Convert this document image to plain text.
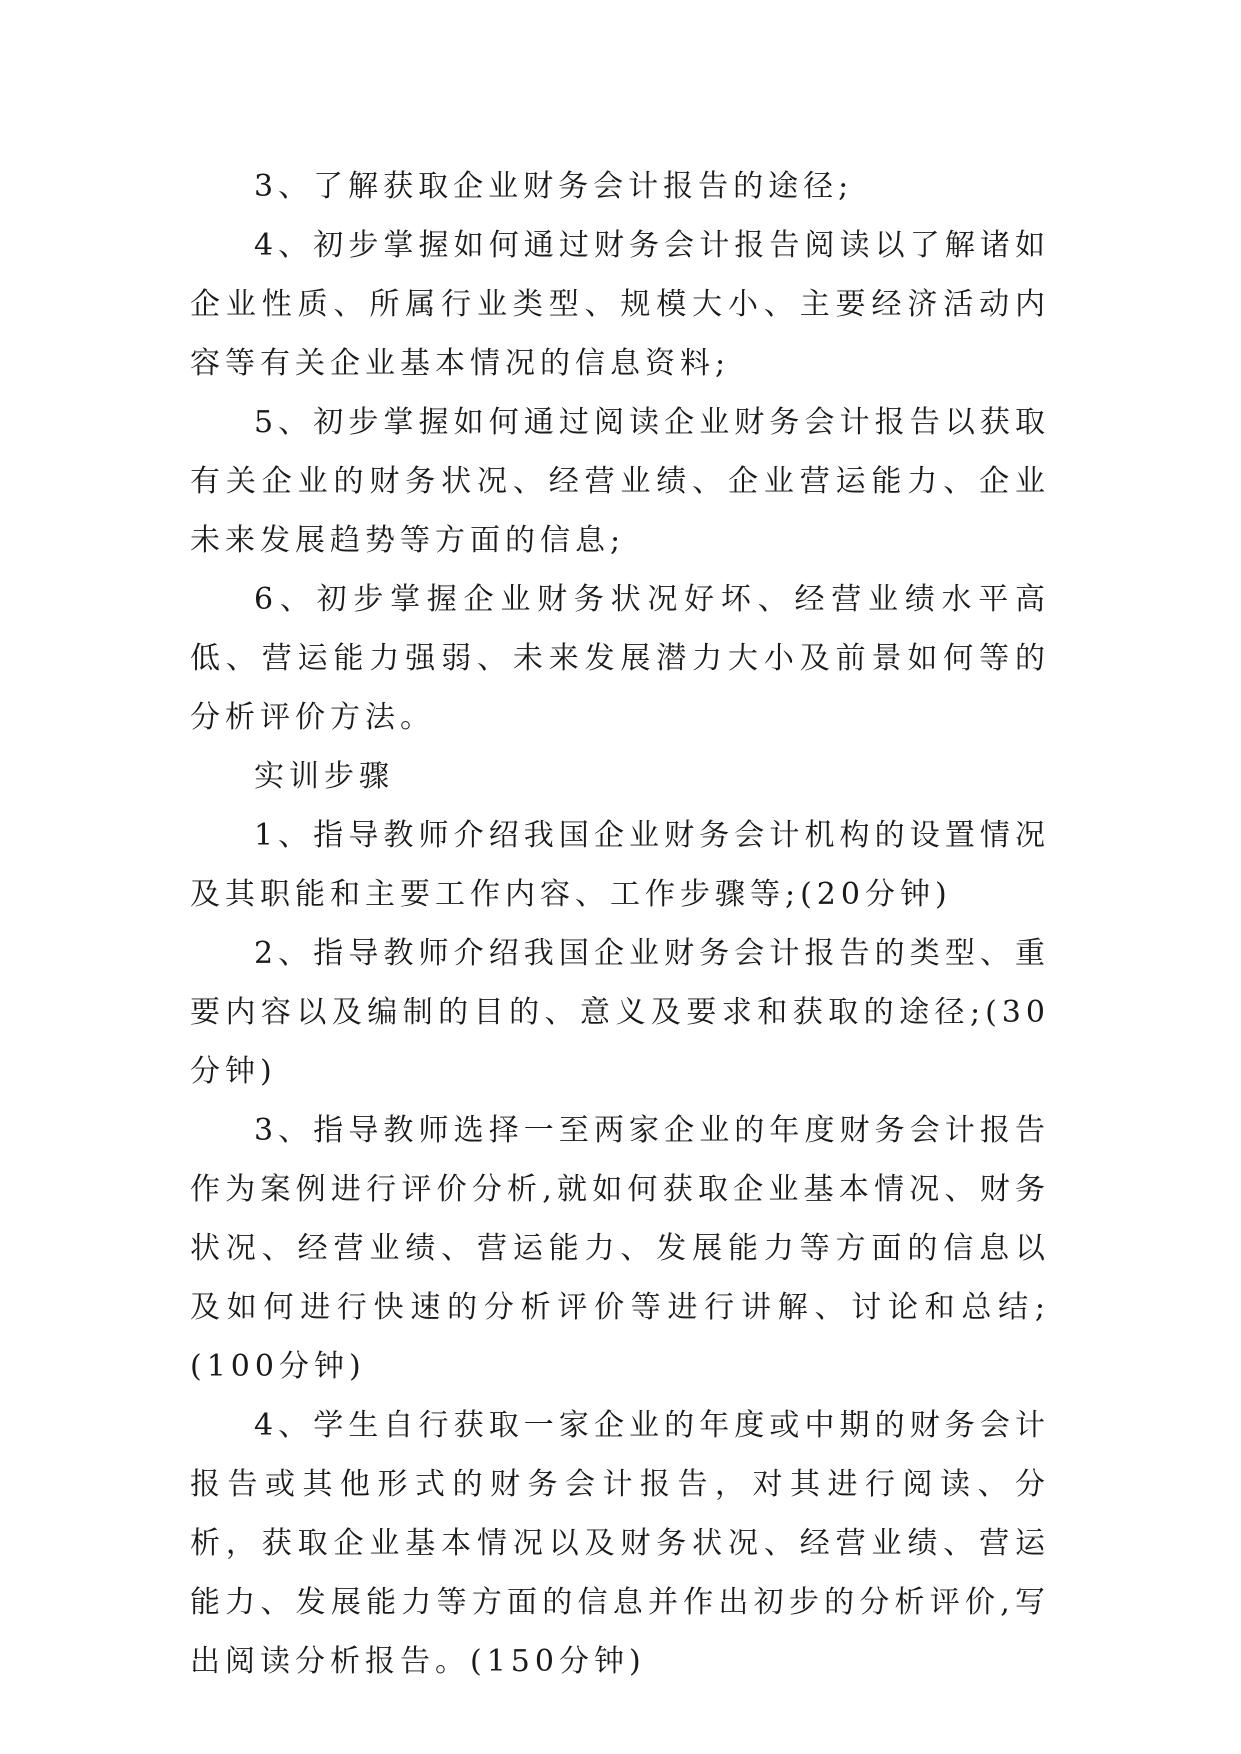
3、了解获取企业财务会计报告的途径;

4、初步掌握如何通过财务会计报告阅读以了解诸如企业性质、所属行业类型、规模大小、主要经济活动内容等有关企业基本情况的信息资料;

5、初步掌握如何通过阅读企业财务会计报告以获取有关企业的财务状况、经营业绩、企业营运能力、企业未来发展趋势等方面的信息;

6、初步掌握企业财务状况好坏、经营业绩水平高低、营运能力强弱、未来发展潜力大小及前景如何等的分析评价方法。

实训步骤

1、指导教师介绍我国企业财务会计机构的设置情况及其职能和主要工作内容、工作步骤等;(20分钟)

2、指导教师介绍我国企业财务会计报告的类型、重要内容以及编制的目的、意义及要求和获取的途径;(30分钟)

3、指导教师选择一至两家企业的年度财务会计报告作为案例进行评价分析,就如何获取企业基本情况、财务状况、经营业绩、营运能力、发展能力等方面的信息以及如何进行快速的分析评价等进行讲解、讨论和总结;(100分钟)

4、学生自行获取一家企业的年度或中期的财务会计报告或其他形式的财务会计报告，对其进行阅读、分析，获取企业基本情况以及财务状况、经营业绩、营运能力、发展能力等方面的信息并作出初步的分析评价,写出阅读分析报告。(150分钟)
